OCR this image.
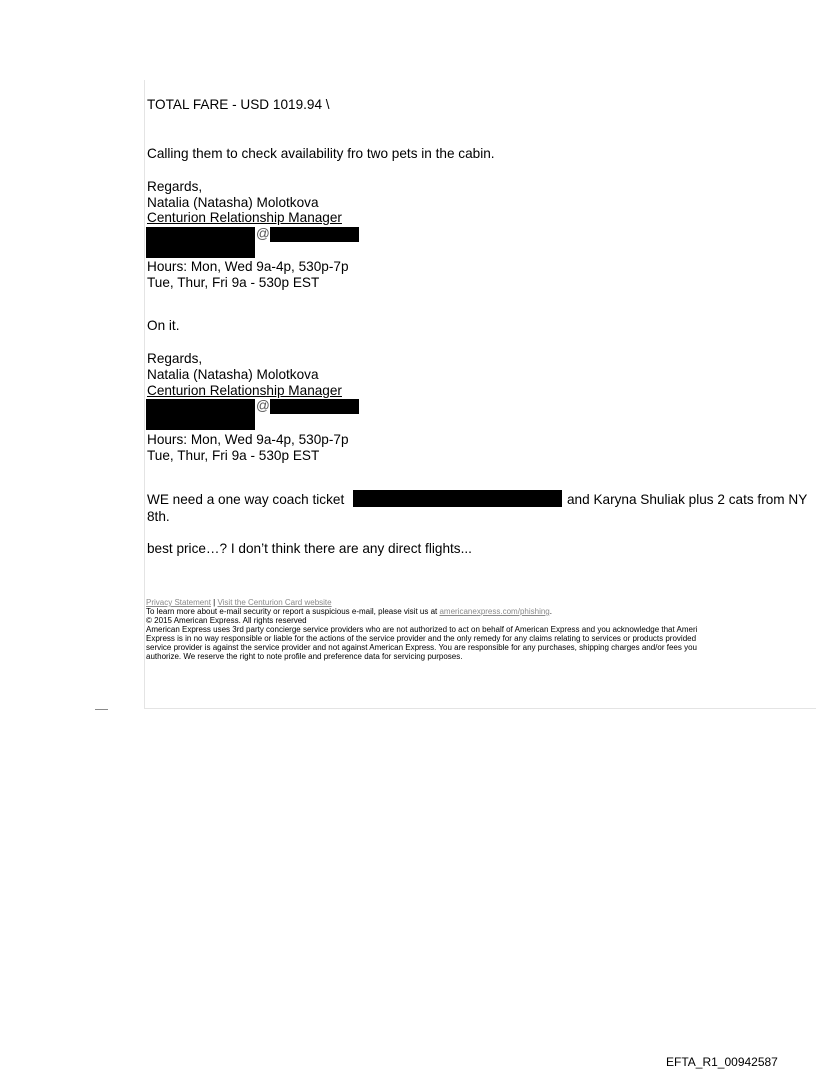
TOTAL FARE - USD 1019.94 \
Calling them to check availability fro two pets in the cabin.
Regards,
Natalia (Natasha) Molotkova
Centurion Relationship Manager
@
Hours: Mon, Wed 9a-4p, 530p-7p
Tue, Thur, Fri 9a - 530p EST
On it.
Regards,
Natalia (Natasha) Molotkova
Centurion Relationship Manager
@
Hours: Mon, Wed 9a-4p, 530p-7p
Tue, Thur, Fri 9a - 530p EST
WE need a one way coach ticket	and Karyna Shuliak plus 2 cats from NY
8th.
best price…? I don’t think there are any direct flights...
Privacy Statement | Visit the Centurion Card website
To learn more about e-mail security or report a suspicious e-mail, please visit us at americanexpress.com/phishing.
© 2015 American Express. All rights reserved
American Express uses 3rd party concierge service providers who are not authorized to act on behalf of American Express and you acknowledge that Ameri
Express is in no way responsible or liable for the actions of the service provider and the only remedy for any claims relating to services or products provided
service provider is against the service provider and not against American Express. You are responsible for any purchases, shipping charges and/or fees you
authorize. We reserve the right to note profile and preference data for servicing purposes.
EFTA_R1_00942587
